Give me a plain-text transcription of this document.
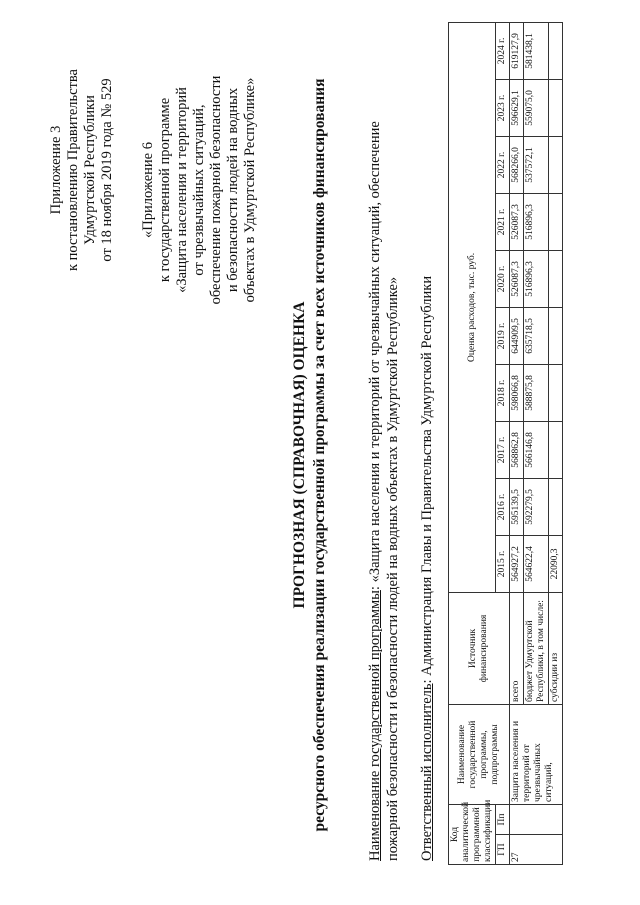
Приложение 3 к постановлению Правительства Удмуртской Республики от 18 ноября 2019 года № 529 «Приложение 6 к государственной программе «Защита населения и территорий от чрезвычайных ситуаций, обеспечение пожарной безопасности и безопасности людей на водных объектах в Удмуртской Республике»
ПРОГНОЗНАЯ (СПРАВОЧНАЯ) ОЦЕНКА ресурсного обеспечения реализации государственной программы за счет всех источников финансирования	Наименование государственной программы: «Защита населения и территорий от чрезвычайных ситуаций, обеспечение пожарной безопасности и безопасности людей на водных объектах в Удмуртской Республике» Ответственный исполнитель: Администрация Главы и Правительства Удмуртской Республики
Код аналитической программной классификации		Наименование государственной программы, подпрограммы	Источник финансирования	Оценка расходов, тыс. руб.									
ГП	Пп												
				2015 г.	2016 г.	2017 г.	2018 г.	2019 г.	2020 г.	2021 г.	2022 г.	2023 г.	2024 г.
27		Защита населения и территорий от чрезвычайных ситуаций,	всего	564927,2	595139,5	568862,8	598066,8	644909,5	526087,3	526087,3	568266,0	596629,1	619127,9
			бюджет Удмуртской Республики, в том числе:	564622,4	592279,5	566146,8	588875,8	635718,5	516896,3	516896,3	537572,1	559075,0	581438,1
			субсидии из	22090,3									
